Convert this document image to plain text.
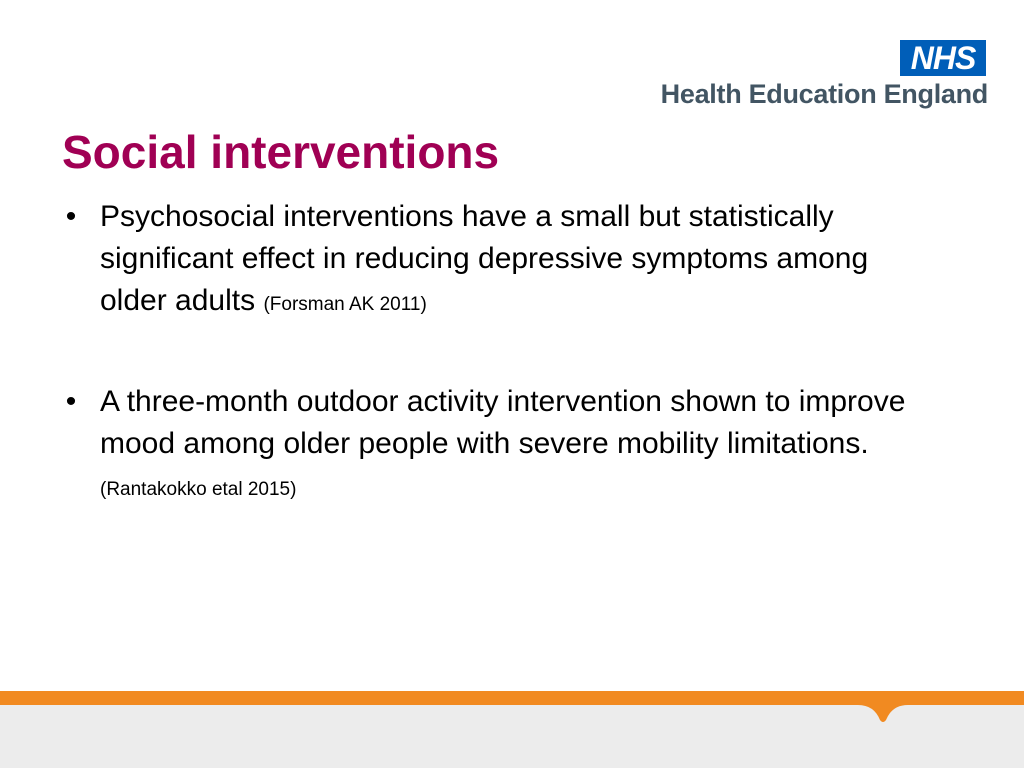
NHS
Health Education England
Social interventions
• Psychosocial interventions have a small but statistically significant effect in reducing depressive symptoms among older adults (Forsman AK 2011)
• A three-month outdoor activity intervention shown to improve mood among older people with severe mobility limitations. (Rantakokko etal 2015)
